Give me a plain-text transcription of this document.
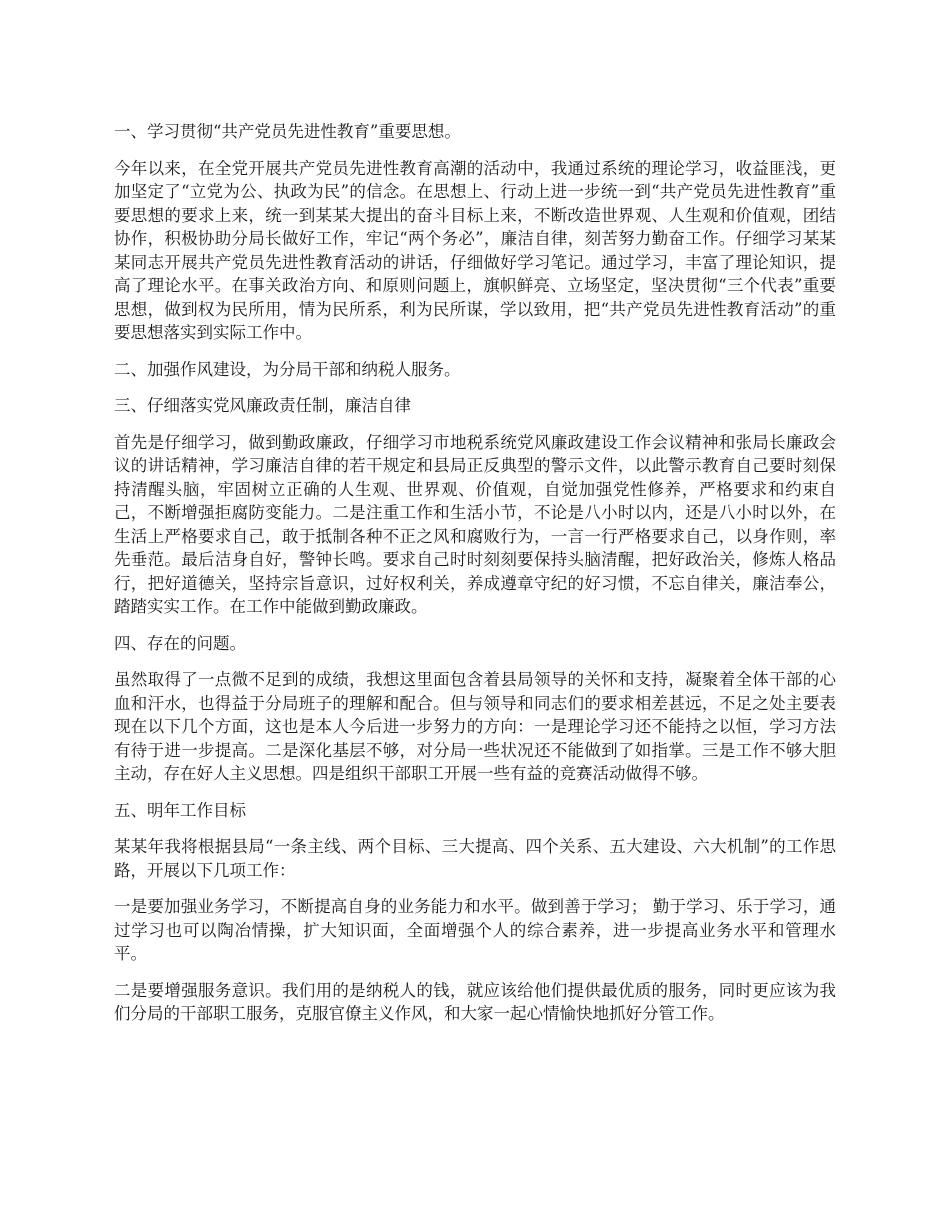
一、学习贯彻“共产党员先进性教育”重要思想。

今年以来，在全党开展共产党员先进性教育高潮的活动中，我通过系统的理论学习，收益匪浅，更加坚定了“立党为公、执政为民”的信念。在思想上、行动上进一步统一到“共产党员先进性教育”重要思想的要求上来，统一到某某大提出的奋斗目标上来，不断改造世界观、人生观和价值观，团结协作，积极协助分局长做好工作，牢记“两个务必”，廉洁自律，刻苦努力勤奋工作。仔细学习某某某同志开展共产党员先进性教育活动的讲话，仔细做好学习笔记。通过学习，丰富了理论知识，提高了理论水平。在事关政治方向、和原则问题上，旗帜鲜亮、立场坚定，坚决贯彻“三个代表”重要思想，做到权为民所用，情为民所系，利为民所谋，学以致用，把“共产党员先进性教育活动”的重要思想落实到实际工作中。

二、加强作风建设，为分局干部和纳税人服务。

三、仔细落实党风廉政责任制，廉洁自律

首先是仔细学习，做到勤政廉政，仔细学习市地税系统党风廉政建设工作会议精神和张局长廉政会议的讲话精神，学习廉洁自律的若干规定和县局正反典型的警示文件，以此警示教育自己要时刻保持清醒头脑，牢固树立正确的人生观、世界观、价值观，自觉加强党性修养，严格要求和约束自己，不断增强拒腐防变能力。二是注重工作和生活小节，不论是八小时以内，还是八小时以外，在生活上严格要求自己，敢于抵制各种不正之风和腐败行为，一言一行严格要求自己，以身作则，率先垂范。最后洁身自好，警钟长鸣。要求自己时时刻刻要保持头脑清醒，把好政治关，修炼人格品行，把好道德关，坚持宗旨意识，过好权利关，养成遵章守纪的好习惯，不忘自律关，廉洁奉公，踏踏实实工作。在工作中能做到勤政廉政。

四、存在的问题。

虽然取得了一点微不足到的成绩，我想这里面包含着县局领导的关怀和支持，凝聚着全体干部的心血和汗水，也得益于分局班子的理解和配合。但与领导和同志们的要求相差甚远，不足之处主要表现在以下几个方面，这也是本人今后进一步努力的方向：一是理论学习还不能持之以恒，学习方法有待于进一步提高。二是深化基层不够，对分局一些状况还不能做到了如指掌。三是工作不够大胆主动，存在好人主义思想。四是组织干部职工开展一些有益的竞赛活动做得不够。

五、明年工作目标

某某年我将根据县局“一条主线、两个目标、三大提高、四个关系、五大建设、六大机制”的工作思路，开展以下几项工作：

一是要加强业务学习，不断提高自身的业务能力和水平。做到善于学习； 勤于学习、乐于学习，通过学习也可以陶冶情操，扩大知识面，全面增强个人的综合素养，进一步提高业务水平和管理水平。

二是要增强服务意识。我们用的是纳税人的钱，就应该给他们提供最优质的服务，同时更应该为我们分局的干部职工服务，克服官僚主义作风，和大家一起心情愉快地抓好分管工作。
